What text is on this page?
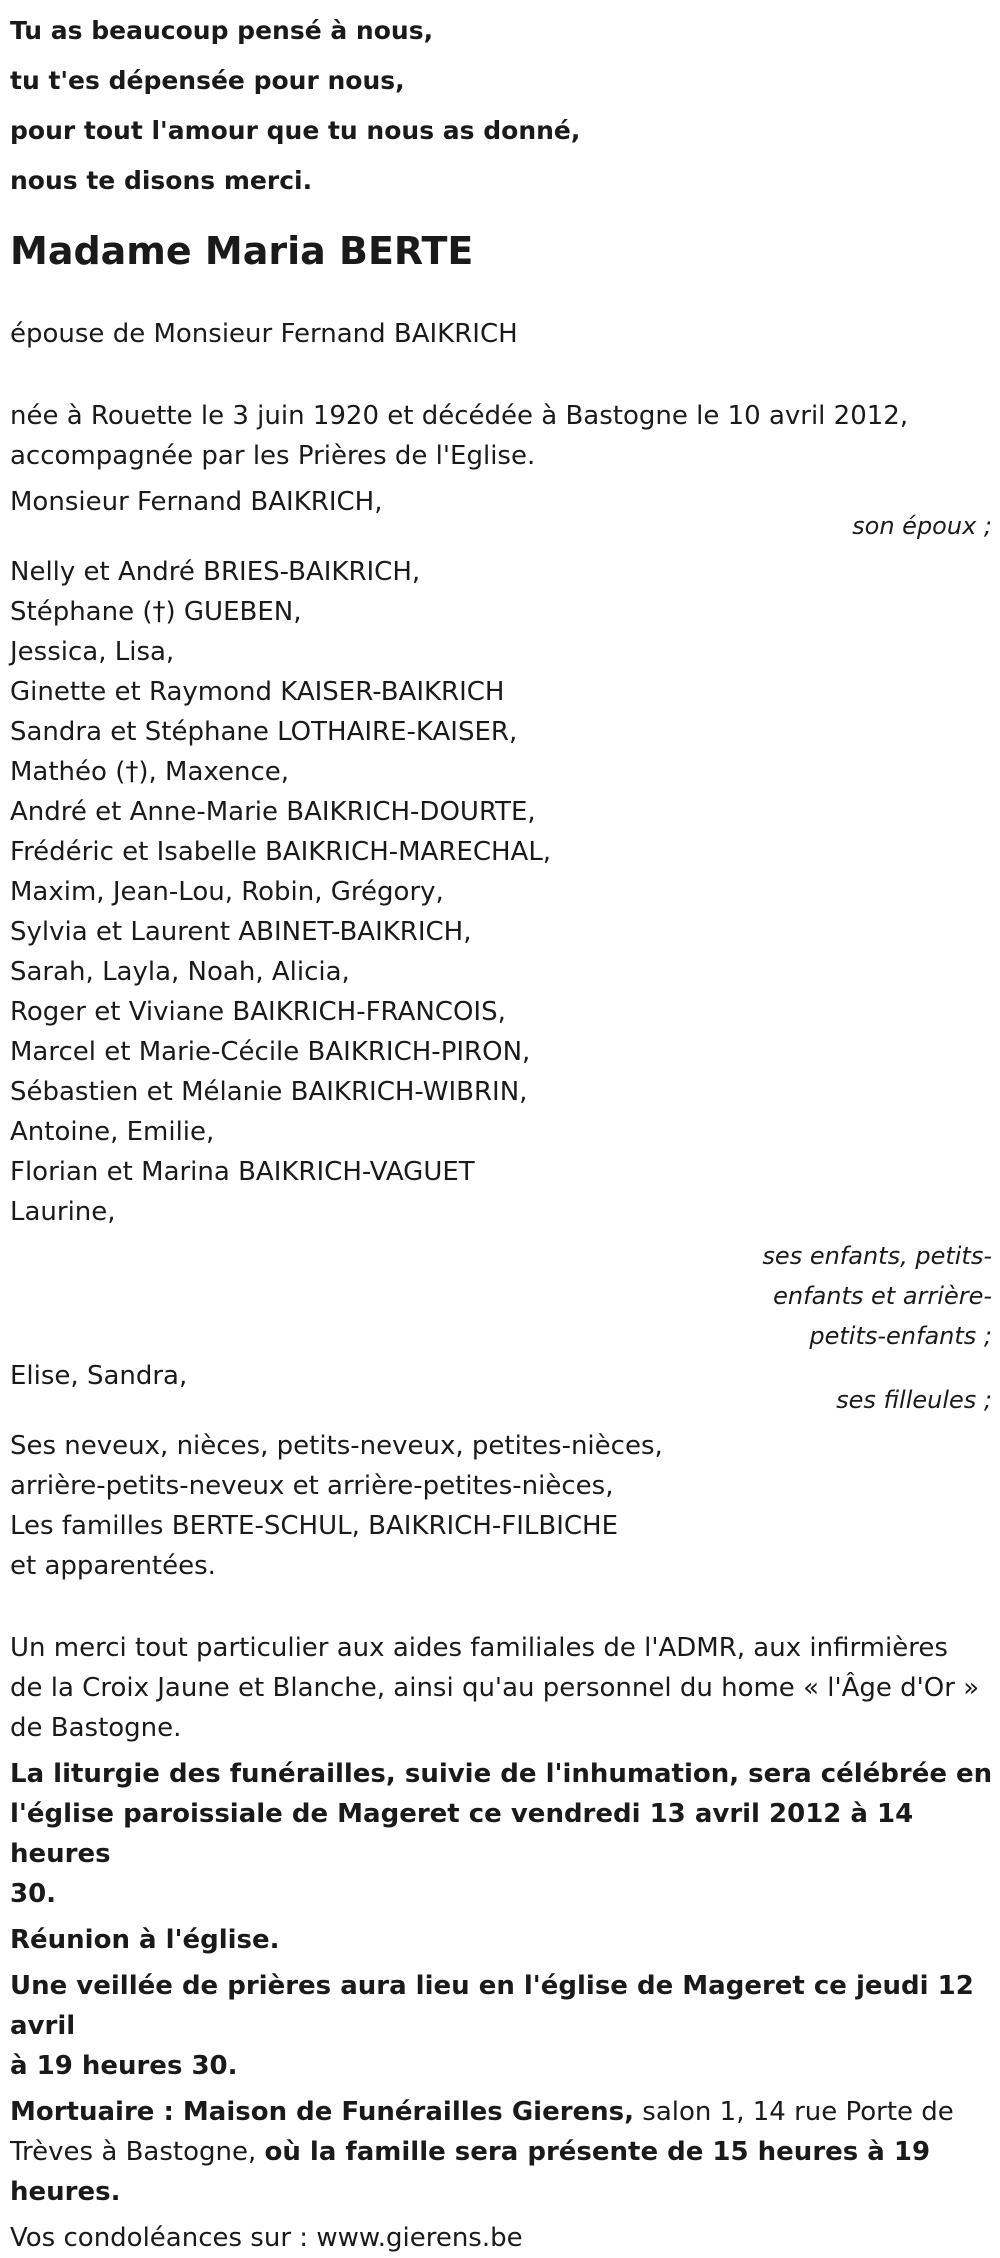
Tu as beaucoup pensé à nous,
tu t'es dépensée pour nous,
pour tout l'amour que tu nous as donné,
nous te disons merci.
Madame Maria BERTE
épouse de Monsieur Fernand BAIKRICH
née à Rouette le 3 juin 1920 et décédée à Bastogne le 10 avril 2012,
accompagnée par les Prières de l'Eglise.
Monsieur Fernand BAIKRICH,
son époux ;
Nelly et André BRIES-BAIKRICH,
Stéphane (†) GUEBEN,
Jessica, Lisa,
Ginette et Raymond KAISER-BAIKRICH
Sandra et Stéphane LOTHAIRE-KAISER,
Mathéo (†), Maxence,
André et Anne-Marie BAIKRICH-DOURTE,
Frédéric et Isabelle BAIKRICH-MARECHAL,
Maxim, Jean-Lou, Robin, Grégory,
Sylvia et Laurent ABINET-BAIKRICH,
Sarah, Layla, Noah, Alicia,
Roger et Viviane BAIKRICH-FRANCOIS,
Marcel et Marie-Cécile BAIKRICH-PIRON,
Sébastien et Mélanie BAIKRICH-WIBRIN,
Antoine, Emilie,
Florian et Marina BAIKRICH-VAGUET
Laurine,
ses enfants, petits-
enfants et arrière-
petits-enfants ;
Elise, Sandra,
ses filleules ;
Ses neveux, nièces, petits-neveux, petites-nièces,
arrière-petits-neveux et arrière-petites-nièces,
Les familles BERTE-SCHUL, BAIKRICH-FILBICHE
et apparentées.
Un merci tout particulier aux aides familiales de l'ADMR, aux infirmières
de la Croix Jaune et Blanche, ainsi qu'au personnel du home « l'Âge d'Or »
de Bastogne.
La liturgie des funérailles, suivie de l'inhumation, sera célébrée en
l'église paroissiale de Mageret ce vendredi 13 avril 2012 à 14 heures
30.
Réunion à l'église.
Une veillée de prières aura lieu en l'église de Mageret ce jeudi 12 avril
à 19 heures 30.
Mortuaire : Maison de Funérailles Gierens, salon 1, 14 rue Porte de
Trèves à Bastogne, où la famille sera présente de 15 heures à 19
heures.
Vos condoléances sur : www.gierens.be
